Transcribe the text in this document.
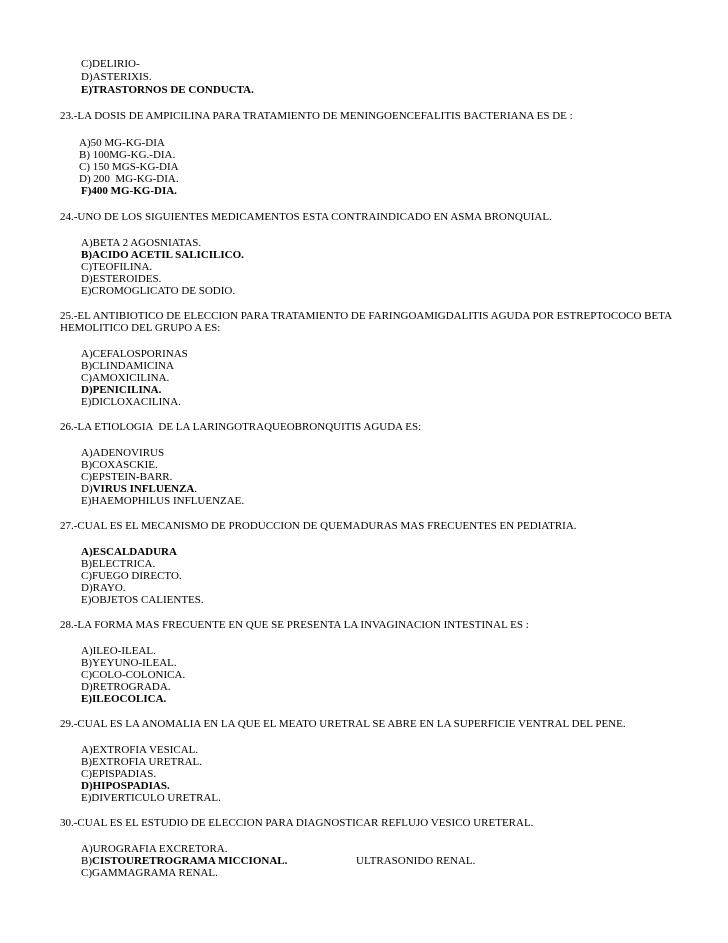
C)DELIRIO-
D)ASTERIXIS.
E)TRASTORNOS DE CONDUCTA.
23.-LA DOSIS DE AMPICILINA PARA TRATAMIENTO DE MENINGOENCEFALITIS BACTERIANA ES DE :
A)50 MG-KG-DIA
B) 100MG-KG.-DIA.
C) 150 MGS-KG-DIA
D) 200  MG-KG-DIA.
F)400 MG-KG-DIA.
24.-UNO DE LOS SIGUIENTES MEDICAMENTOS ESTA CONTRAINDICADO EN ASMA BRONQUIAL.
A)BETA 2 AGOSNIATAS.
B)ACIDO ACETIL SALICILICO.
C)TEOFILINA.
D)ESTEROIDES.
E)CROMOGLICATO DE SODIO.
25.-EL ANTIBIOTICO DE ELECCION PARA TRATAMIENTO DE FARINGOAMIGDALITIS AGUDA POR ESTREPTOCOCO BETA
HEMOLITICO DEL GRUPO A ES:
A)CEFALOSPORINAS
B)CLINDAMICINA
C)AMOXICILINA.
D)PENICILINA.
E)DICLOXACILINA.
26.-LA ETIOLOGIA  DE LA LARINGOTRAQUEOBRONQUITIS AGUDA ES:
A)ADENOVIRUS
B)COXASCKIE.
C)EPSTEIN-BARR.
D)VIRUS INFLUENZA.
E)HAEMOPHILUS INFLUENZAE.
27.-CUAL ES EL MECANISMO DE PRODUCCION DE QUEMADURAS MAS FRECUENTES EN PEDIATRIA.
A)ESCALDADURA
B)ELECTRICA.
C)FUEGO DIRECTO.
D)RAYO.
E)OBJETOS CALIENTES.
28.-LA FORMA MAS FRECUENTE EN QUE SE PRESENTA LA INVAGINACION INTESTINAL ES :
A)ILEO-ILEAL.
B)YEYUNO-ILEAL.
C)COLO-COLONICA.
D)RETROGRADA.
E)ILEOCOLICA.
29.-CUAL ES LA ANOMALIA EN LA QUE EL MEATO URETRAL SE ABRE EN LA SUPERFICIE VENTRAL DEL PENE.
A)EXTROFIA VESICAL.
B)EXTROFIA URETRAL.
C)EPISPADIAS.
D)HIPOSPADIAS.
E)DIVERTICULO URETRAL.
30.-CUAL ES EL ESTUDIO DE ELECCION PARA DIAGNOSTICAR REFLUJO VESICO URETERAL.
A)UROGRAFIA EXCRETORA.
B)CISTOURETROGRAMA MICCIONAL.	ULTRASONIDO RENAL.
C)GAMMAGRAMA RENAL.
